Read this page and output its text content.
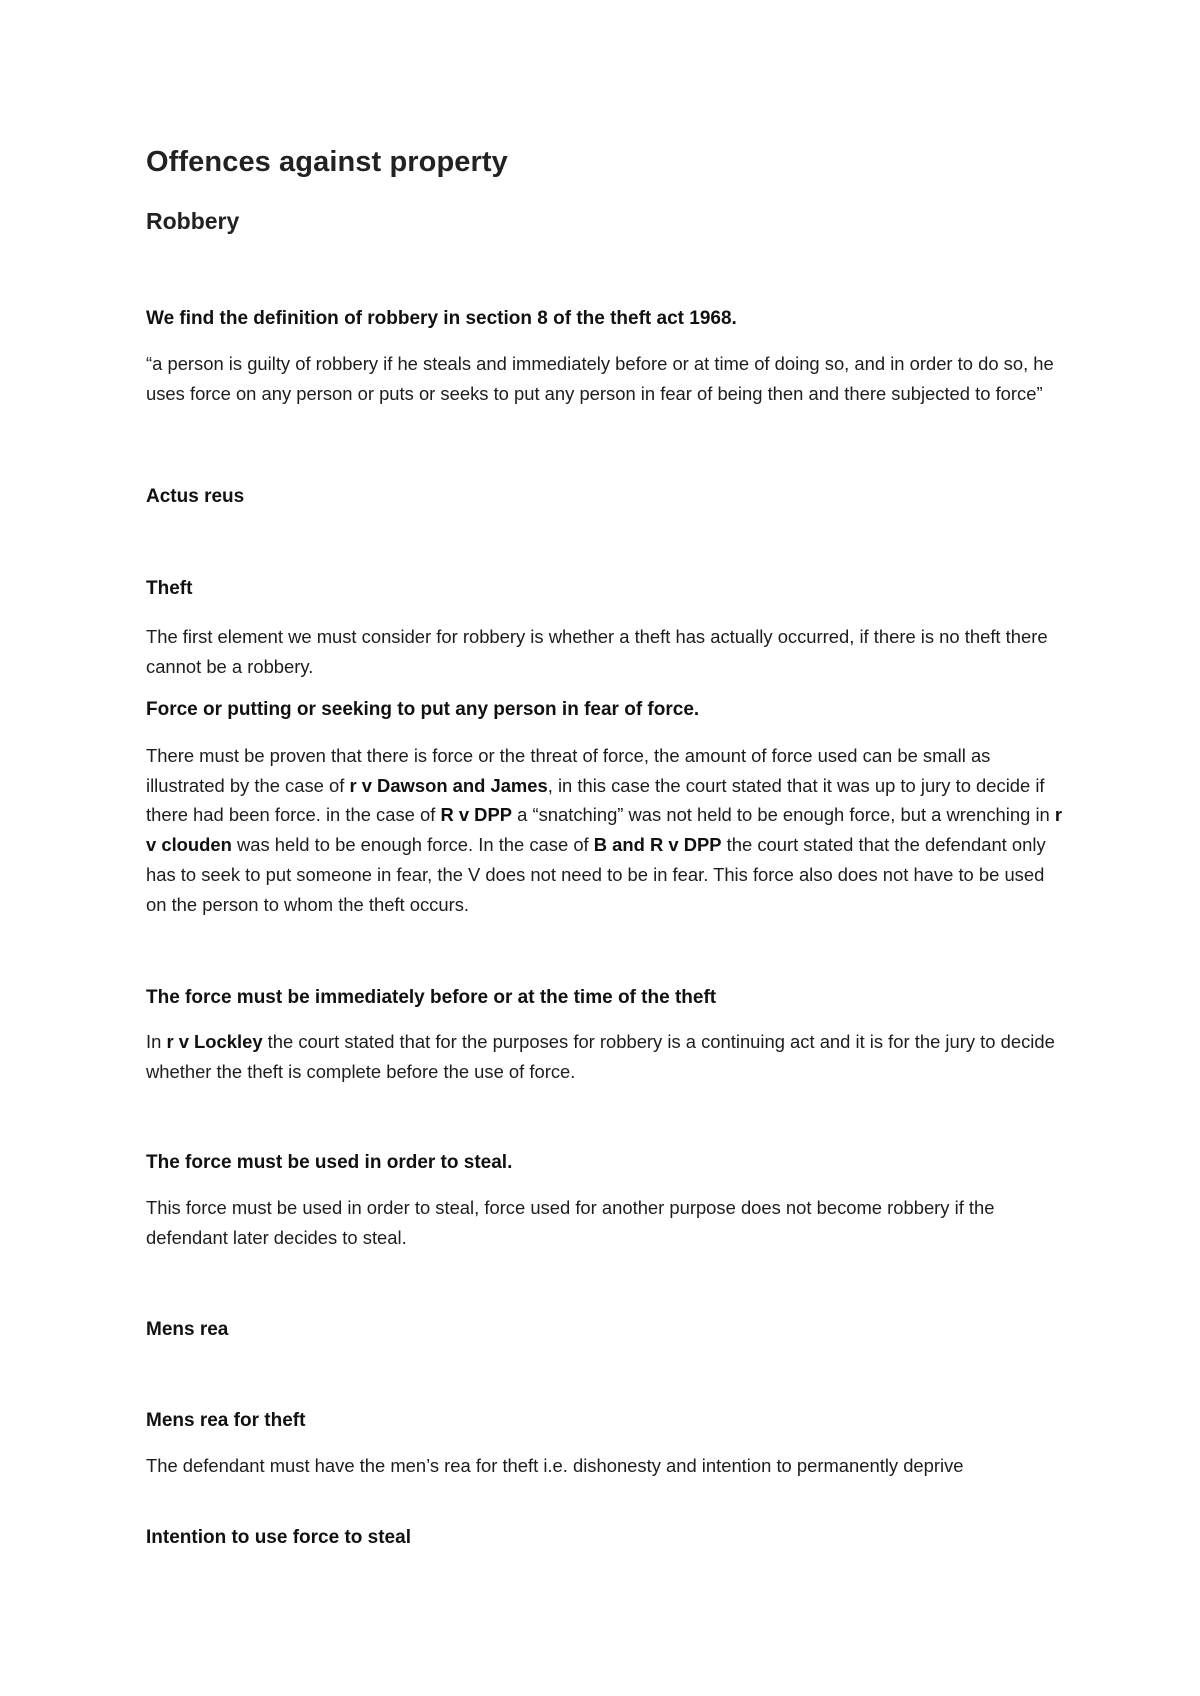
Offences against property
Robbery
We find the definition of robbery in section 8 of the theft act 1968.

“a person is guilty of robbery if he steals and immediately before or at time of doing so, and in order to do so, he uses force on any person or puts or seeks to put any person in fear of being then and there subjected to force”

Actus reus
Theft

The first element we must consider for robbery is whether a theft has actually occurred, if there is no theft there cannot be a robbery.

Force or putting or seeking to put any person in fear of force.

There must be proven that there is force or the threat of force, the amount of force used can be small as illustrated by the case of r v Dawson and James, in this case the court stated that it was up to jury to decide if there had been force. in the case of R v DPP a “snatching” was not held to be enough force, but a wrenching in r v clouden was held to be enough force. In the case of B and R v DPP the court stated that the defendant only has to seek to put someone in fear, the V does not need to be in fear. This force also does not have to be used on the person to whom the theft occurs.

The force must be immediately before or at the time of the theft

In r v Lockley the court stated that for the purposes for robbery is a continuing act and it is for the jury to decide whether the theft is complete before the use of force.

The force must be used in order to steal.

This force must be used in order to steal, force used for another purpose does not become robbery if the defendant later decides to steal.

Mens rea
Mens rea for theft

The defendant must have the men’s rea for theft i.e. dishonesty and intention to permanently deprive

Intention to use force to steal
